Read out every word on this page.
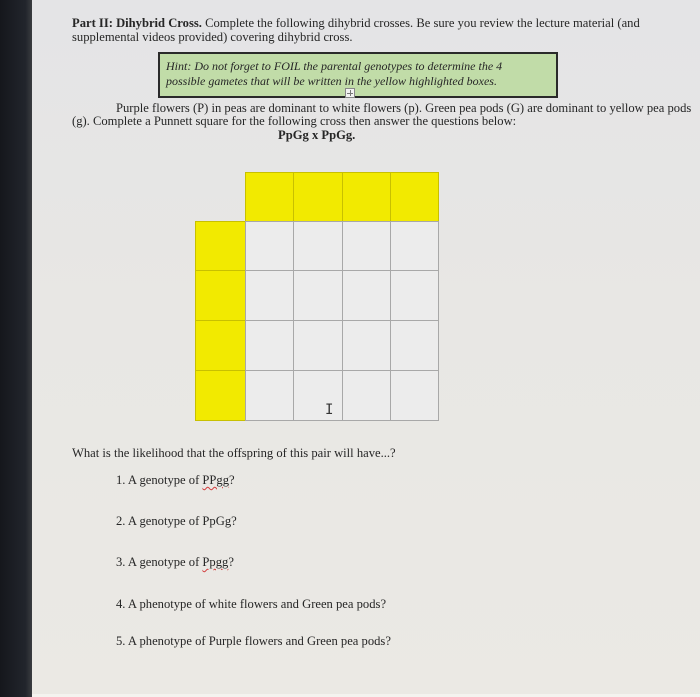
Part II: Dihybrid Cross. Complete the following dihybrid crosses. Be sure you review the lecture material (and
supplemental videos provided) covering dihybrid cross.
Hint: Do not forget to FOIL the parental genotypes to determine the 4
possible gametes that will be written in the yellow highlighted boxes.
Purple flowers (P) in peas are dominant to white flowers (p). Green pea pods (G) are dominant to yellow pea pods
(g). Complete a Punnett square for the following cross then answer the questions below:
PpGg x PpGg.
I
What is the likelihood that the offspring of this pair will have...?
1. A genotype of PPgg?
2. A genotype of PpGg?
3. A genotype of Ppgg?
4. A phenotype of white flowers and Green pea pods?
5. A phenotype of Purple flowers and Green pea pods?
